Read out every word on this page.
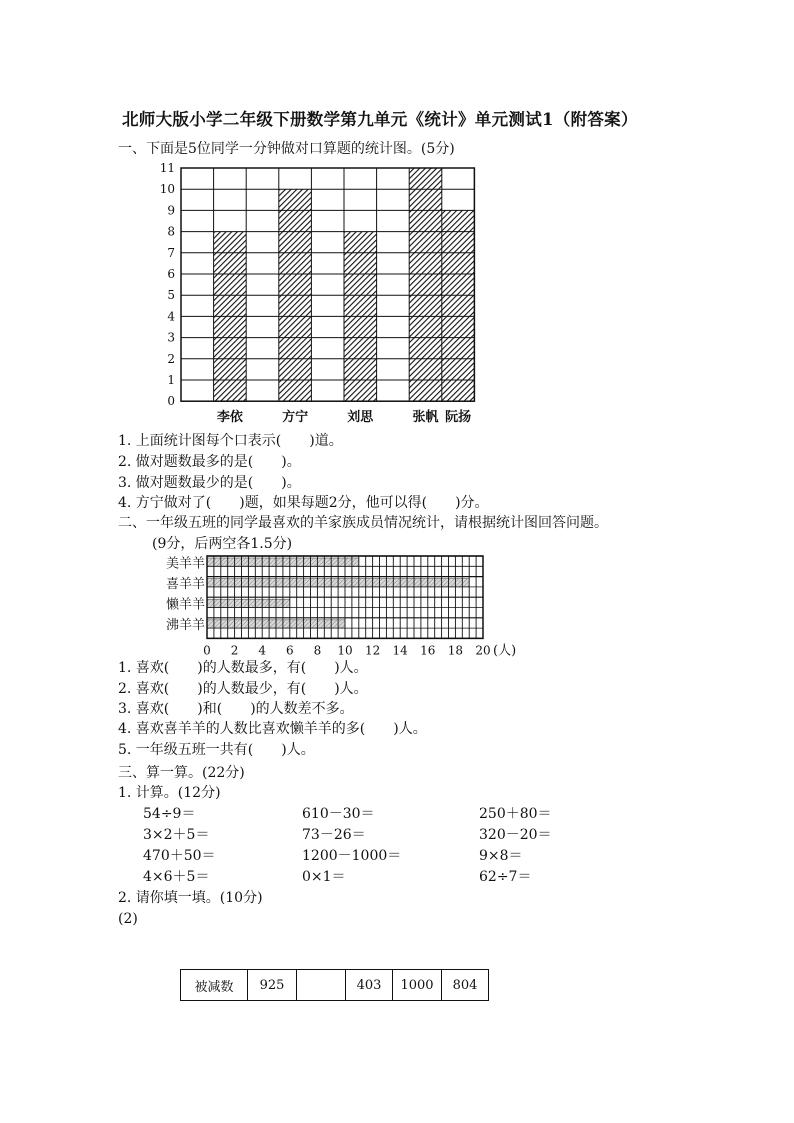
北师大版小学二年级下册数学第九单元《统计》单元测试1（附答案）
一、下面是5位同学一分钟做对口算题的统计图。(5分)
0
1
2
3
4
5
6
7
8
9
10
11
李依	方宁	刘思	张帆 阮扬
1. 上面统计图每个口表示(　　)道。
2. 做对题数最多的是(　　)。
3. 做对题数最少的是(　　)。
4. 方宁做对了(　　)题，如果每题2分，他可以得(　　)分。
二、一年级五班的同学最喜欢的羊家族成员情况统计，请根据统计图回答问题。
(9分，后两空各1.5分)
美羊羊
喜羊羊
懒羊羊
沸羊羊
0 2 4 6 8 10 12 14 16 18 20 (人)
1. 喜欢(　　)的人数最多，有(　　)人。
2. 喜欢(　　)的人数最少，有(　　)人。
3. 喜欢(　　)和(　　)的人数差不多。
4. 喜欢喜羊羊的人数比喜欢懒羊羊的多(　　)人。
5. 一年级五班一共有(　　)人。
三、算一算。(22分)
1. 计算。(12分)
54÷9＝	610－30＝	250＋80＝
3×2＋5＝	73－26＝	320－20＝
470＋50＝	1200－1000＝	9×8＝
4×6＋5＝	0×1＝	62÷7＝
2. 请你填一填。(10分)
(2)
被减数	925		403	1000	804
